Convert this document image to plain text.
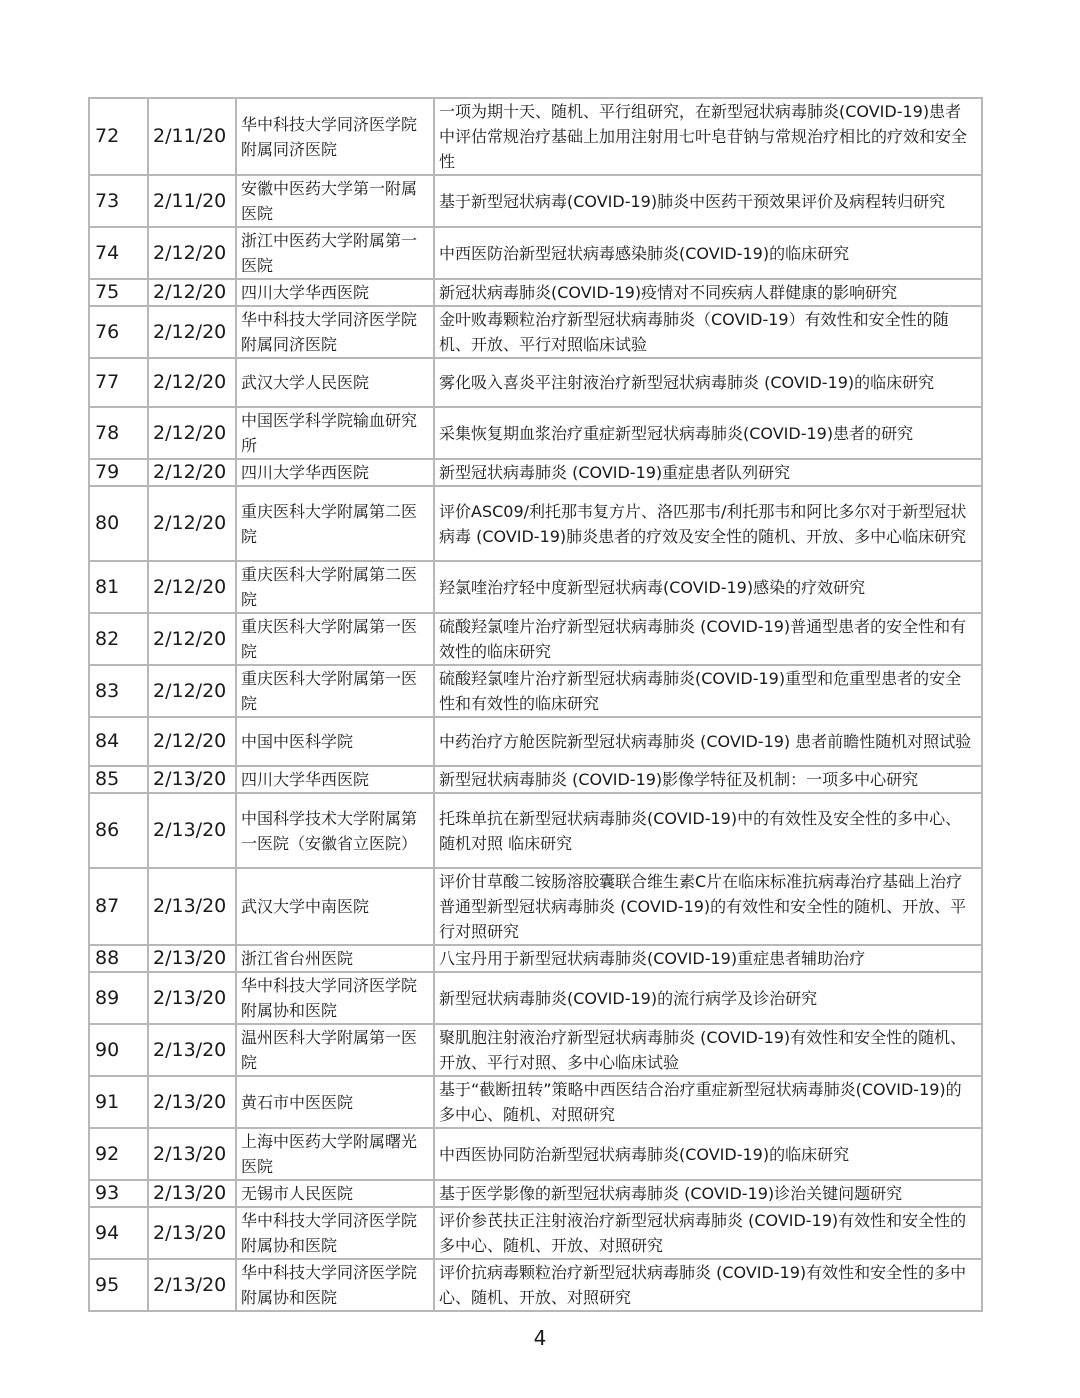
72	2/11/20	华中科技大学同济医学院附属同济医院	一项为期十天、随机、平行组研究，在新型冠状病毒肺炎(COVID-19)患者中评估常规治疗基础上加用注射用七叶皂苷钠与常规治疗相比的疗效和安全性
73	2/11/20	安徽中医药大学第一附属医院	基于新型冠状病毒(COVID-19)肺炎中医药干预效果评价及病程转归研究
74	2/12/20	浙江中医药大学附属第一医院	中西医防治新型冠状病毒感染肺炎(COVID-19)的临床研究
75	2/12/20	四川大学华西医院	新冠状病毒肺炎(COVID-19)疫情对不同疾病人群健康的影响研究
76	2/12/20	华中科技大学同济医学院附属同济医院	金叶败毒颗粒治疗新型冠状病毒肺炎（COVID-19）有效性和安全性的随机、开放、平行对照临床试验
77	2/12/20	武汉大学人民医院	雾化吸入喜炎平注射液治疗新型冠状病毒肺炎 (COVID-19)的临床研究
78	2/12/20	中国医学科学院输血研究所	采集恢复期血浆治疗重症新型冠状病毒肺炎(COVID-19)患者的研究
79	2/12/20	四川大学华西医院	新型冠状病毒肺炎 (COVID-19)重症患者队列研究
80	2/12/20	重庆医科大学附属第二医院	评价ASC09/利托那韦复方片、洛匹那韦/利托那韦和阿比多尔对于新型冠状病毒 (COVID-19)肺炎患者的疗效及安全性的随机、开放、多中心临床研究
81	2/12/20	重庆医科大学附属第二医院	羟氯喹治疗轻中度新型冠状病毒(COVID-19)感染的疗效研究
82	2/12/20	重庆医科大学附属第一医院	硫酸羟氯喹片治疗新型冠状病毒肺炎 (COVID-19)普通型患者的安全性和有效性的临床研究
83	2/12/20	重庆医科大学附属第一医院	硫酸羟氯喹片治疗新型冠状病毒肺炎(COVID-19)重型和危重型患者的安全性和有效性的临床研究
84	2/12/20	中国中医科学院	中药治疗方舱医院新型冠状病毒肺炎 (COVID-19) 患者前瞻性随机对照试验
85	2/13/20	四川大学华西医院	新型冠状病毒肺炎 (COVID-19)影像学特征及机制：一项多中心研究
86	2/13/20	中国科学技术大学附属第一医院（安徽省立医院）	托珠单抗在新型冠状病毒肺炎(COVID-19)中的有效性及安全性的多中心、随机对照 临床研究
87	2/13/20	武汉大学中南医院	评价甘草酸二铵肠溶胶囊联合维生素C片在临床标准抗病毒治疗基础上治疗普通型新型冠状病毒肺炎 (COVID-19)的有效性和安全性的随机、开放、平行对照研究
88	2/13/20	浙江省台州医院	八宝丹用于新型冠状病毒肺炎(COVID-19)重症患者辅助治疗
89	2/13/20	华中科技大学同济医学院附属协和医院	新型冠状病毒肺炎(COVID-19)的流行病学及诊治研究
90	2/13/20	温州医科大学附属第一医院	聚肌胞注射液治疗新型冠状病毒肺炎 (COVID-19)有效性和安全性的随机、开放、平行对照、多中心临床试验
91	2/13/20	黄石市中医医院	基于“截断扭转”策略中西医结合治疗重症新型冠状病毒肺炎(COVID-19)的多中心、随机、对照研究
92	2/13/20	上海中医药大学附属曙光医院	中西医协同防治新型冠状病毒肺炎(COVID-19)的临床研究
93	2/13/20	无锡市人民医院	基于医学影像的新型冠状病毒肺炎 (COVID-19)诊治关键问题研究
94	2/13/20	华中科技大学同济医学院附属协和医院	评价参芪扶正注射液治疗新型冠状病毒肺炎 (COVID-19)有效性和安全性的多中心、随机、开放、对照研究
95	2/13/20	华中科技大学同济医学院附属协和医院	评价抗病毒颗粒治疗新型冠状病毒肺炎 (COVID-19)有效性和安全性的多中心、随机、开放、对照研究
4
